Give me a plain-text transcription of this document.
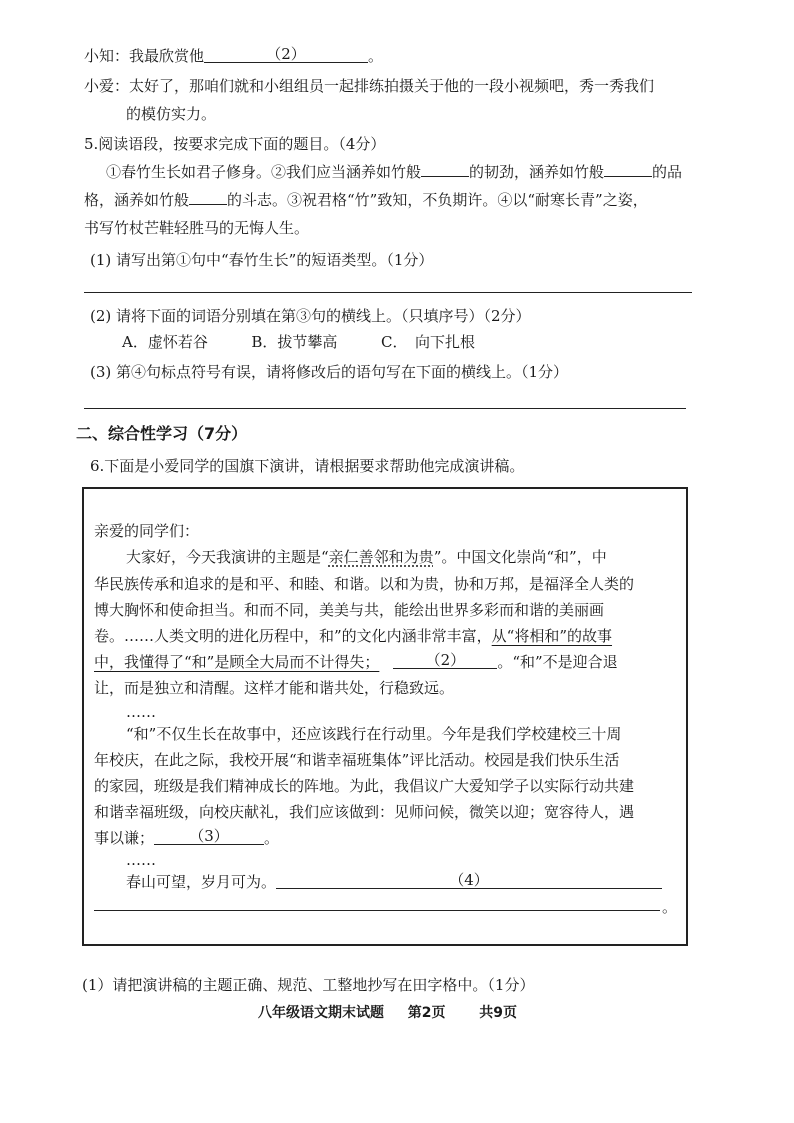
小知：我最欣赏他	（2）	。
小爱：太好了，那咱们就和小组组员一起排练拍摄关于他的一段小视频吧，秀一秀我们
的模仿实力。
5.阅读语段，按要求完成下面的题目。（4分）
①春竹生长如君子修身。②我们应当涵养如竹般	的韧劲，涵养如竹般	的品
格，涵养如竹般	的斗志。③祝君格“竹”致知，不负期许。④以“耐寒长青”之姿，
书写竹杖芒鞋轻胜马的无悔人生。
(1) 请写出第①句中“春竹生长”的短语类型。（1分）
(2) 请将下面的词语分别填在第③句的横线上。（只填序号）（2分）
A．虚怀若谷	B．拔节攀高	C．　向下扎根
(3) 第④句标点符号有误，请将修改后的语句写在下面的横线上。（1分）
二、综合性学习（7分）
6.下面是小爱同学的国旗下演讲，请根据要求帮助他完成演讲稿。
亲爱的同学们：
大家好，今天我演讲的主题是“亲仁善邻和为贵”。中国文化崇尚“和”，中
华民族传承和追求的是和平、和睦、和谐。以和为贵，协和万邦，是福泽全人类的
博大胸怀和使命担当。和而不同，美美与共，能绘出世界多彩而和谐的美丽画
卷。……人类文明的进化历程中，和”的文化内涵非常丰富，从“将相和”的故事
中，我懂得了“和”是顾全大局而不计得失；	（2） 。“和”不是迎合退
让，而是独立和清醒。这样才能和谐共处，行稳致远。
……
“和”不仅生长在故事中，还应该践行在行动里。今年是我们学校建校三十周
年校庆，在此之际，我校开展“和谐幸福班集体”评比活动。校园是我们快乐生活
的家园，班级是我们精神成长的阵地。为此，我倡议广大爱知学子以实际行动共建
和谐幸福班级，向校庆献礼，我们应该做到：见师问候，微笑以迎；宽容待人，遇
事以谦； （3） 。
……
春山可望，岁月可为。	（4）
。
(1）请把演讲稿的主题正确、规范、工整地抄写在田字格中。（1分）
八年级语文期末试题 第2页 共9页
